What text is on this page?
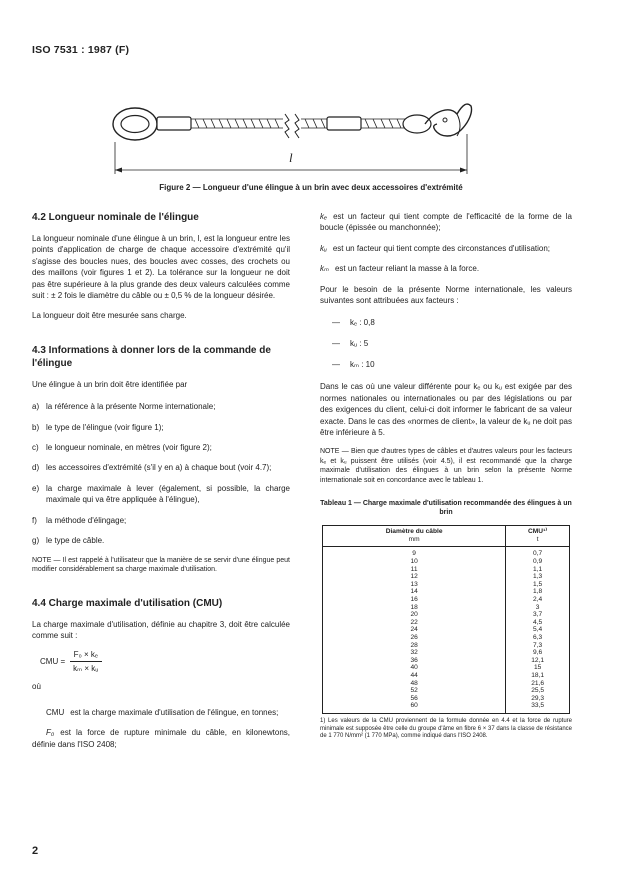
ISO 7531 : 1987 (F)
l
Figure 2 — Longueur d'une élingue à un brin avec deux accessoires d'extrémité
4.2 Longueur nominale de l'élingue

La longueur nominale d'une élingue à un brin, l, est la longueur entre les points d'application de charge de chaque accessoire d'extrémité qu'il s'agisse des boucles nues, des boucles avec cosses, des crochets ou des maillons (voir figures 1 et 2). La tolérance sur la longueur ne doit pas être supérieure à la plus grande des deux valeurs calculées comme suit : ± 2 fois le diamètre du câble ou ± 0,5 % de la longueur désirée.

La longueur doit être mesurée sans charge.

4.3 Informations à donner lors de la commande de l'élingue

Une élingue à un brin doit être identifiée par

a) la référence à la présente Norme internationale;
b) le type de l'élingue (voir figure 1);
c) le longueur nominale, en mètres (voir figure 2);
d) les accessoires d'extrémité (s'il y en a) à chaque bout (voir 4.7);
e) la charge maximale à lever (également, si possible, la charge maximale qui va être appliquée à l'élingue),
f) la méthode d'élingage;
g) le type de câble.

NOTE — Il est rappelé à l'utilisateur que la manière de se servir d'une élingue peut modifier considérablement sa charge maximale d'utilisation.

4.4 Charge maximale d'utilisation (CMU)

La charge maximale d'utilisation, définie au chapitre 3, doit être calculée comme suit :

CMU = $\frac{\text{F₀ × kₑ}}{\text{kₘ × kᵤ}}$

où

CMU est la charge maximale d'utilisation de l'élingue, en tonnes;
F₀ est la force de rupture minimale du câble, en kilonewtons, définie dans l'ISO 2408;
kₑ est un facteur qui tient compte de l'efficacité de la forme de la boucle (épissée ou manchonnée);
kᵤ est un facteur qui tient compte des circonstances d'utilisation;
kₘ est un facteur reliant la masse à la force.

Pour le besoin de la présente Norme internationale, les valeurs suivantes sont attribuées aux facteurs :

— kₑ : 0,8
— kᵤ : 5
— kₘ : 10

Dans le cas où une valeur différente pour kₑ ou kᵤ est exigée par des normes nationales ou internationales ou par des législations ou par des exigences du client, celui-ci doit informer le fabricant de sa valeur exacte. Dans le cas des «normes de client», la valeur de kᵤ ne doit pas être inférieure à 5.

NOTE — Bien que d'autres types de câbles et d'autres valeurs pour les facteurs kₑ et kᵤ puissent être utilisés (voir 4.5), il est recommandé que la charge maximale d'utilisation des élingues à un brin selon la présente Norme internationale soit en concordance avec le tableau 1.

Tableau 1 — Charge maximale d'utilisation recommandée des élingues à un brin
Diamètre du câble
mm	CMU¹⁾
t

9	0,7
10	0,9
11	1,1
12	1,3
13	1,5
14	1,8
16	2,4
18	3
20	3,7
22	4,5
24	5,4
26	6,3
28	7,3
32	9,6
36	12,1
40	15
44	18,1
48	21,6
52	25,5
56	29,3
60	33,5
1) Les valeurs de la CMU proviennent de la formule donnée en 4.4 et la force de rupture minimale est supposée être celle du groupe d'âme en fibre 6 × 37 dans la classe de résistance de 1 770 N/mm² (1 770 MPa), comme indiqué dans l'ISO 2408.
2
